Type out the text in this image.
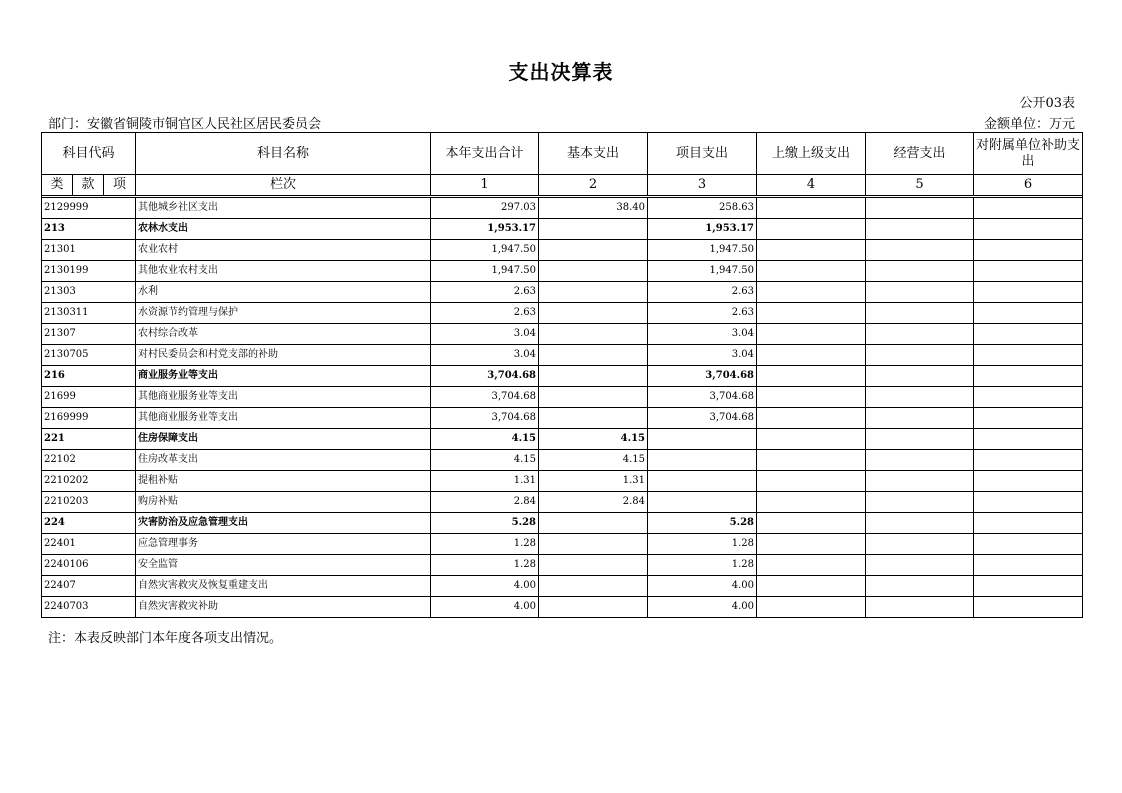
支出决算表
公开03表
部门：安徽省铜陵市铜官区人民社区居民委员会	金额单位：万元
科目代码			科目名称	本年支出合计	基本支出	项目支出	上缴上级支出	经营支出	对附属单位补助支出
类	款	项	栏次	1	2	3	4	5	6

2129999			其他城乡社区支出	297.03	38.40	258.63			
213			农林水支出	1,953.17		1,953.17			
21301			农业农村	1,947.50		1,947.50			
2130199			其他农业农村支出	1,947.50		1,947.50			
21303			水利	2.63		2.63			
2130311			水资源节约管理与保护	2.63		2.63			
21307			农村综合改革	3.04		3.04			
2130705			对村民委员会和村党支部的补助	3.04		3.04			
216			商业服务业等支出	3,704.68		3,704.68			
21699			其他商业服务业等支出	3,704.68		3,704.68			
2169999			其他商业服务业等支出	3,704.68		3,704.68			
221			住房保障支出	4.15	4.15				
22102			住房改革支出	4.15	4.15				
2210202			提租补贴	1.31	1.31				
2210203			购房补贴	2.84	2.84				
224			灾害防治及应急管理支出	5.28		5.28			
22401			应急管理事务	1.28		1.28			
2240106			安全监管	1.28		1.28			
22407			自然灾害救灾及恢复重建支出	4.00		4.00			
2240703			自然灾害救灾补助	4.00		4.00			
注：本表反映部门本年度各项支出情况。
